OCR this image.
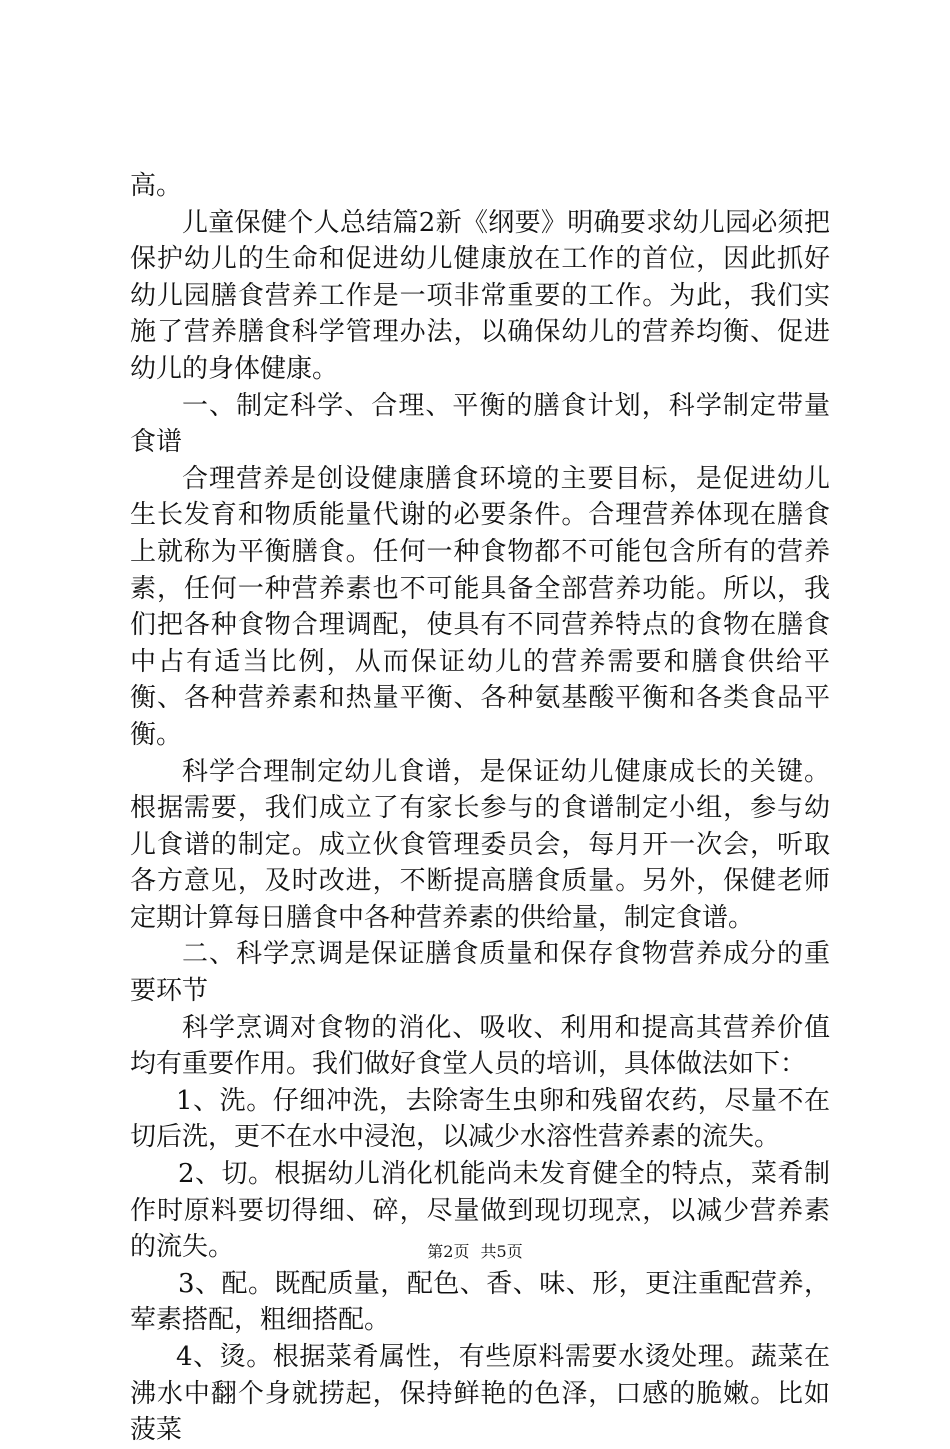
高。

儿童保健个人总结篇2新《纲要》明确要求幼儿园必须把保护幼儿的生命和促进幼儿健康放在工作的首位，因此抓好幼儿园膳食营养工作是一项非常重要的工作。为此，我们实施了营养膳食科学管理办法，以确保幼儿的营养均衡、促进幼儿的身体健康。

一、制定科学、合理、平衡的膳食计划，科学制定带量食谱

合理营养是创设健康膳食环境的主要目标，是促进幼儿生长发育和物质能量代谢的必要条件。合理营养体现在膳食上就称为平衡膳食。任何一种食物都不可能包含所有的营养素，任何一种营养素也不可能具备全部营养功能。所以，我们把各种食物合理调配，使具有不同营养特点的食物在膳食中占有适当比例，从而保证幼儿的营养需要和膳食供给平衡、各种营养素和热量平衡、各种氨基酸平衡和各类食品平衡。

科学合理制定幼儿食谱，是保证幼儿健康成长的关键。根据需要，我们成立了有家长参与的食谱制定小组，参与幼儿食谱的制定。成立伙食管理委员会，每月开一次会，听取各方意见，及时改进，不断提高膳食质量。另外，保健老师定期计算每日膳食中各种营养素的供给量，制定食谱。

二、科学烹调是保证膳食质量和保存食物营养成分的重要环节

科学烹调对食物的消化、吸收、利用和提高其营养价值均有重要作用。我们做好食堂人员的培训，具体做法如下：

1、洗。仔细冲洗，去除寄生虫卵和残留农药，尽量不在切后洗，更不在水中浸泡，以减少水溶性营养素的流失。

2、切。根据幼儿消化机能尚未发育健全的特点，菜肴制作时原料要切得细、碎，尽量做到现切现烹，以减少营养素的流失。

3、配。既配质量，配色、香、味、形，更注重配营养，荤素搭配，粗细搭配。

4、烫。根据菜肴属性，有些原料需要水烫处理。蔬菜在沸水中翻个身就捞起，保持鲜艳的色泽，口感的脆嫩。比如菠菜

第2页 共5页
